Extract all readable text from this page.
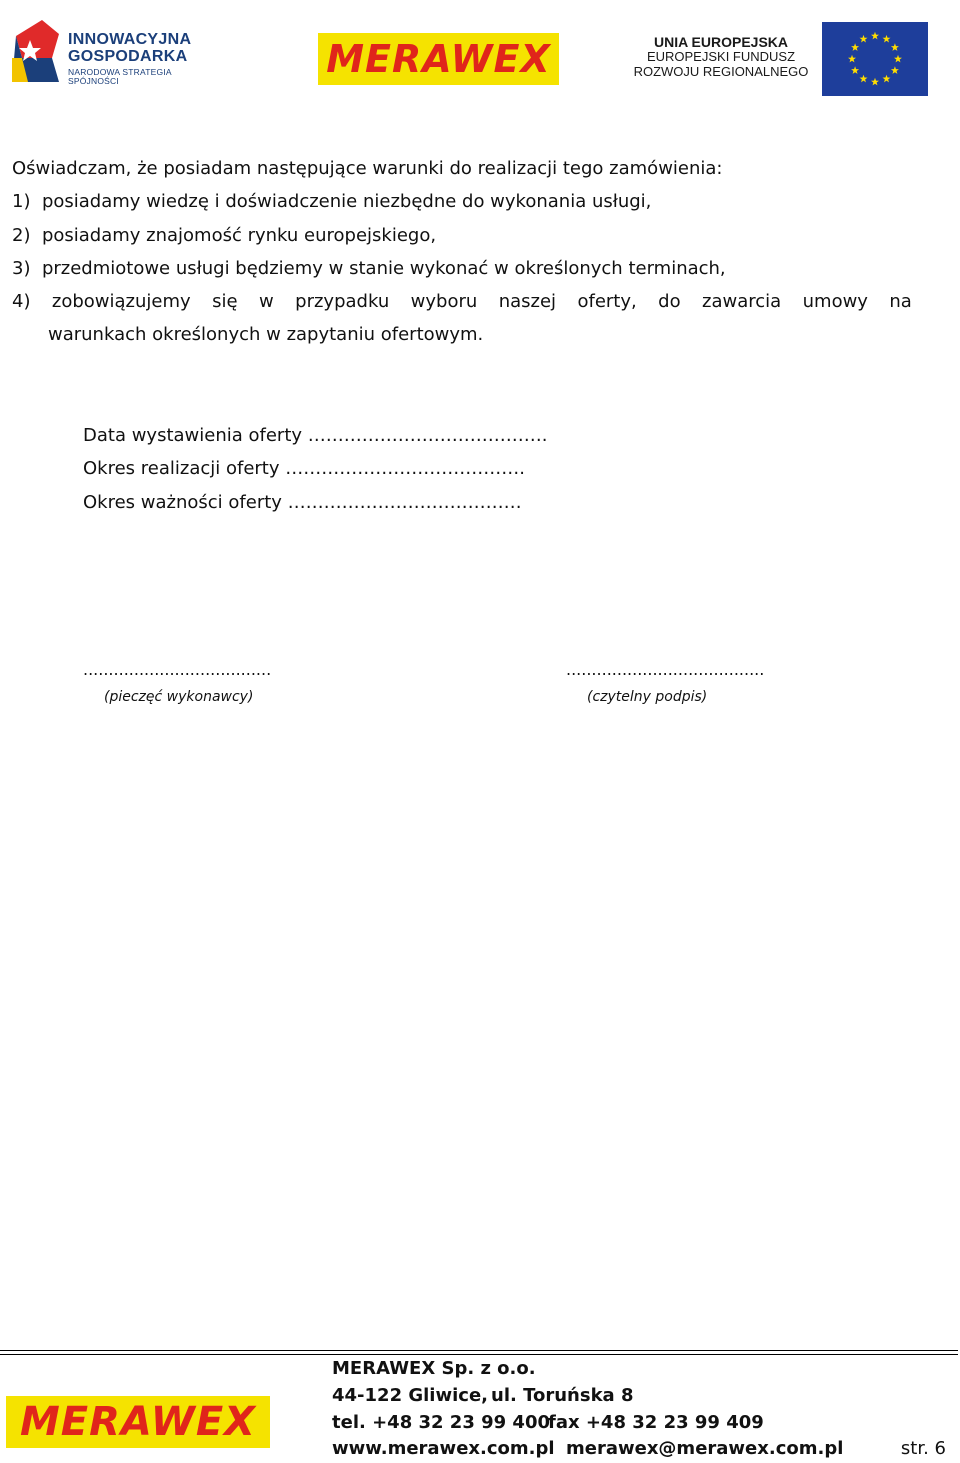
INNOWACYJNA
GOSPODARKA
NARODOWA STRATEGIA SPÓJNOŚCI	MERAWEX	UNIA EUROPEJSKA
EUROPEJSKI FUNDUSZ
ROZWOJU REGIONALNEGO
Oświadczam, że posiadam następujące warunki do realizacji tego zamówienia:
1) posiadamy wiedzę i doświadczenie niezbędne do wykonania usługi,
2) posiadamy znajomość rynku europejskiego,
3) przedmiotowe usługi będziemy w stanie wykonać w określonych terminach,
4) zobowiązujemy się w przypadku wyboru naszej oferty, do zawarcia umowy na
warunkach określonych w zapytaniu ofertowym.
Data wystawienia oferty ………………………………….
Okres realizacji oferty ………………………………….
Okres ważności oferty …………………………………
.....................................
(pieczęć wykonawcy)
.......................................
(czytelny podpis)
MERAWEX
MERAWEX Sp. z o.o.
44-122 Gliwice, ul. Toruńska 8
tel. +48 32 23 99 400
fax +48 32 23 99 409
www.merawex.com.pl merawex@merawex.com.pl	str. 6
